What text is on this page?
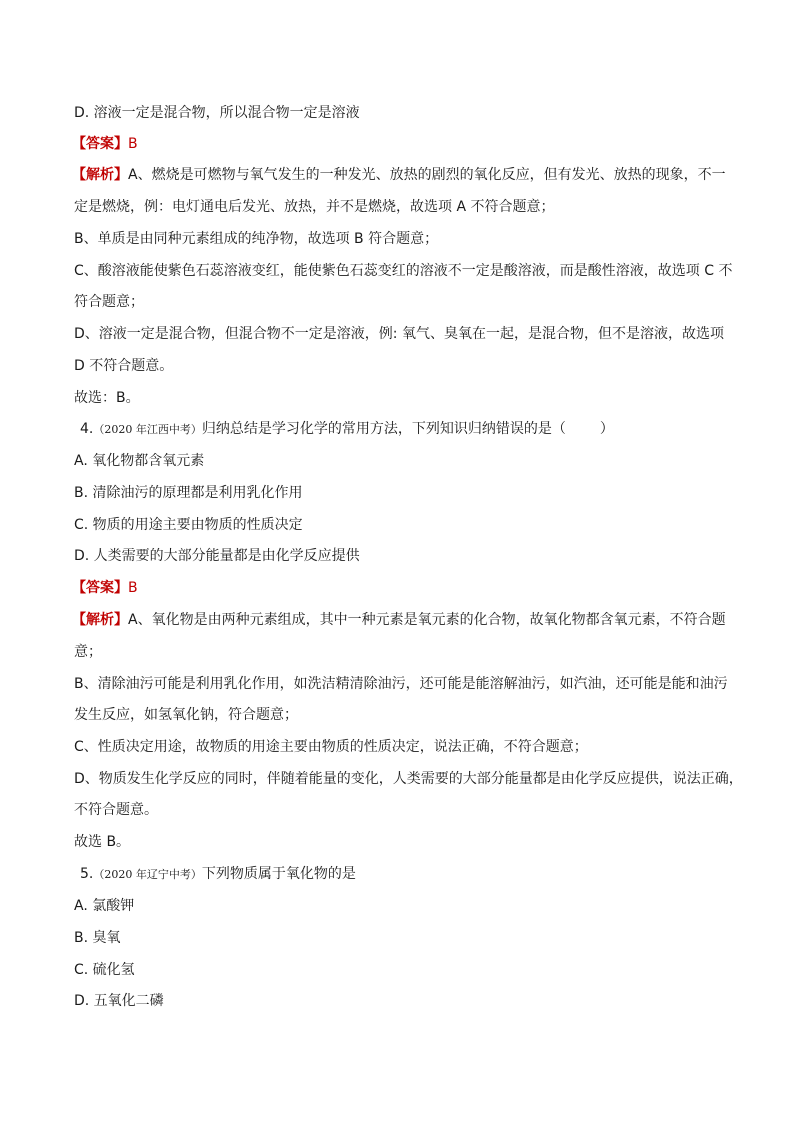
D. 溶液一定是混合物，所以混合物一定是溶液
【答案】B
【解析】A、燃烧是可燃物与氧气发生的一种发光、放热的剧烈的氧化反应，但有发光、放热的现象，不一
定是燃烧，例：电灯通电后发光、放热，并不是燃烧，故选项 A 不符合题意；
B、单质是由同种元素组成的纯净物，故选项 B 符合题意；
C、酸溶液能使紫色石蕊溶液变红，能使紫色石蕊变红的溶液不一定是酸溶液，而是酸性溶液，故选项 C 不
符合题意；
D、溶液一定是混合物，但混合物不一定是溶液，例: 氧气、臭氧在一起，是混合物，但不是溶液，故选项
D 不符合题意。
故选：B。
4.（2020 年江西中考）归纳总结是学习化学的常用方法，下列知识归纳错误的是（ ）
A. 氧化物都含氧元素
B. 清除油污的原理都是利用乳化作用
C. 物质的用途主要由物质的性质决定
D. 人类需要的大部分能量都是由化学反应提供
【答案】B
【解析】A、氧化物是由两种元素组成，其中一种元素是氧元素的化合物，故氧化物都含氧元素，不符合题
意；
B、清除油污可能是利用乳化作用，如洗洁精清除油污，还可能是能溶解油污，如汽油，还可能是能和油污
发生反应，如氢氧化钠，符合题意；
C、性质决定用途，故物质的用途主要由物质的性质决定，说法正确，不符合题意；
D、物质发生化学反应的同时，伴随着能量的变化，人类需要的大部分能量都是由化学反应提供，说法正确，
不符合题意。
故选 B。
5.（2020 年辽宁中考）下列物质属于氧化物的是
A. 氯酸钾
B. 臭氧
C. 硫化氢
D. 五氧化二磷
